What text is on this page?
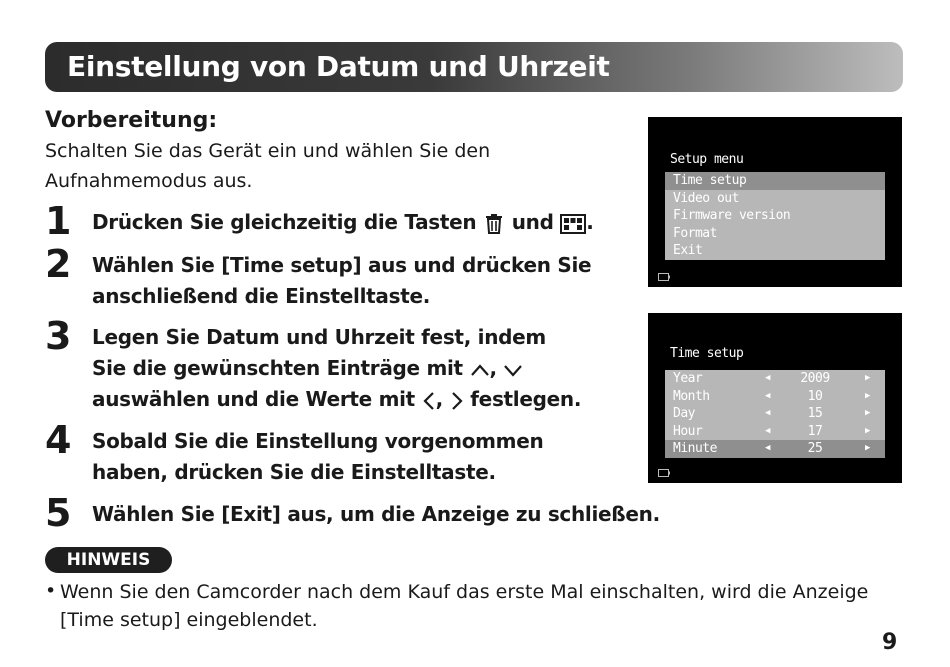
Einstellung von Datum und Uhrzeit
Vorbereitung:
Schalten Sie das Gerät ein und wählen Sie den Aufnahmemodus aus.
1 Drücken Sie gleichzeitig die Tasten und .
2 Wählen Sie [Time setup] aus und drücken Sie
anschließend die Einstelltaste.
3 Legen Sie Datum und Uhrzeit fest, indem
Sie die gewünschten Einträge mit ,
auswählen und die Werte mit , festlegen.
4 Sobald Sie die Einstellung vorgenommen
haben, drücken Sie die Einstelltaste.
5 Wählen Sie [Exit] aus, um die Anzeige zu schließen.
Setup menu
Time setup
Video out
Firmware version
Format
Exit
Time setup
Year	◀	2009	▶
Month	◀	10	▶
Day	◀	15	▶
Hour	◀	17	▶
Minute	◀	25	▶
HINWEIS
• Wenn Sie den Camcorder nach dem Kauf das erste Mal einschalten, wird die Anzeige [Time setup] eingeblendet.
9
